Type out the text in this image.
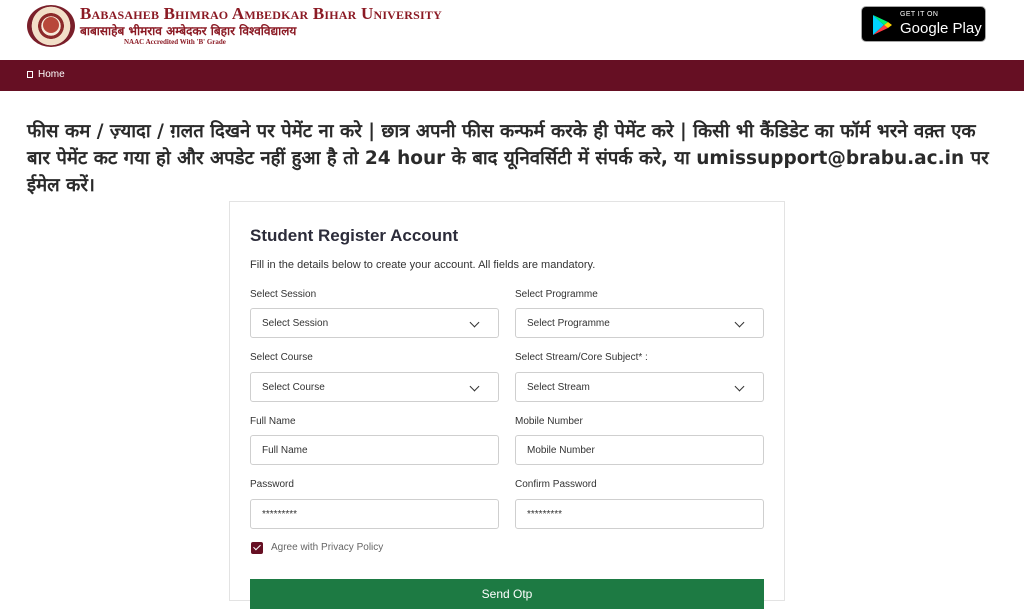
Babasaheb Bhimrao Ambedkar Bihar University
बाबासाहेब भीमराव अम्बेदकर बिहार विश्वविद्यालय
NAAC Accredited With 'B' Grade
GET IT ON
Google Play
Home
फीस कम / ज़्यादा / ग़लत दिखने पर पेमेंट ना करे | छात्र अपनी फीस कन्फर्म करके ही पेमेंट करे | किसी भी कैंडिडेट का फॉर्म भरने वक़्त एक बार पेमेंट कट गया हो और अपडेट नहीं हुआ है तो 24 hour के बाद यूनिवर्सिटी में संपर्क करे, या umissupport@brabu.ac.in पर ईमेल करें।
Student Register Account
Fill in the details below to create your account. All fields are mandatory.
Select Session
Select Session
Select Programme
Select Programme
Select Course
Select Course
Select Stream/Core Subject* :
Select Stream
Full Name
Full Name
Mobile Number
Mobile Number
Password
*********
Confirm Password
*********
Agree with Privacy Policy
Send Otp
